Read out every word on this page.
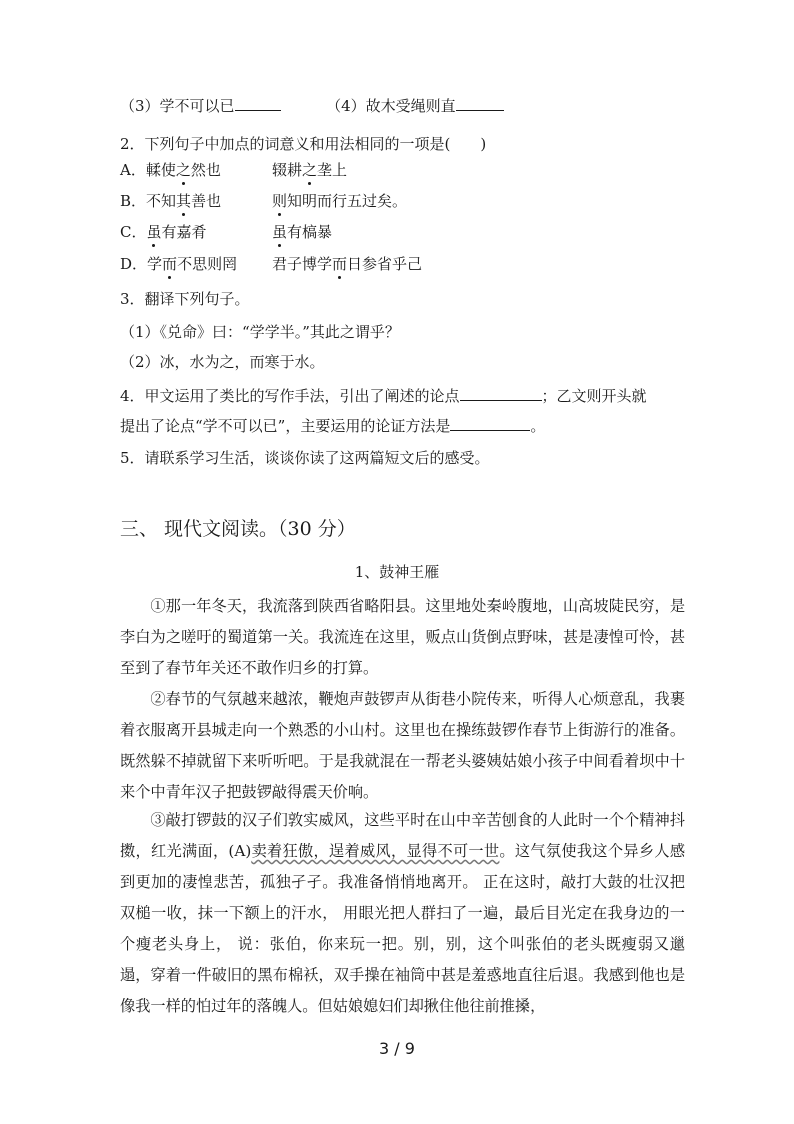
（3）学不可以已	（4）故木受绳则直
2．下列句子中加点的词意义和用法相同的一项是(　　)
A．輮使之然也	辍耕之垄上
B．不知其善也	则知明而行五过矣。
C．虽有嘉肴	虽有槁暴
D．学而不思则罔 君子博学而日参省乎己
3．翻译下列句子。
（1）《兑命》曰：“学学半。”其此之谓乎？
（2）冰，水为之，而寒于水。
4．甲文运用了类比的写作手法，引出了阐述的论点	；乙文则开头就
提出了论点“学不可以已”，主要运用的论证方法是	。
5．请联系学习生活，谈谈你读了这两篇短文后的感受。
三、 现代文阅读。（30 分）
1、鼓神王雁
①那一年冬天，我流落到陕西省略阳县。这里地处秦岭腹地，山高坡陡民穷，是李白为之嗟吁的蜀道第一关。我流连在这里，贩点山货倒点野味，甚是凄惶可怜，甚至到了春节年关还不敢作归乡的打算。
②春节的气氛越来越浓，鞭炮声鼓锣声从街巷小院传来，听得人心烦意乱，我裹着衣服离开县城走向一个熟悉的小山村。这里也在操练鼓锣作春节上街游行的准备。既然躲不掉就留下来听听吧。于是我就混在一帮老头婆姨姑娘小孩子中间看着坝中十来个中青年汉子把鼓锣敲得震天价响。
③敲打锣鼓的汉子们敦实威风，这些平时在山中辛苦刨食的人此时一个个精神抖擞，红光满面，(A)卖着狂傲，逞着威风，显得不可一世。这气氛使我这个异乡人感到更加的凄惶悲苦，孤独孑孑。我准备悄悄地离开。 正在这时，敲打大鼓的壮汉把双槌一收，抹一下额上的汗水， 用眼光把人群扫了一遍，最后目光定在我身边的一个瘦老头身上， 说：张伯，你来玩一把。别，别，这个叫张伯的老头既瘦弱又邋遢，穿着一件破旧的黑布棉袄，双手操在袖筒中甚是羞惑地直往后退。我感到他也是像我一样的怕过年的落魄人。但姑娘媳妇们却揪住他往前推搡，
3 / 9
